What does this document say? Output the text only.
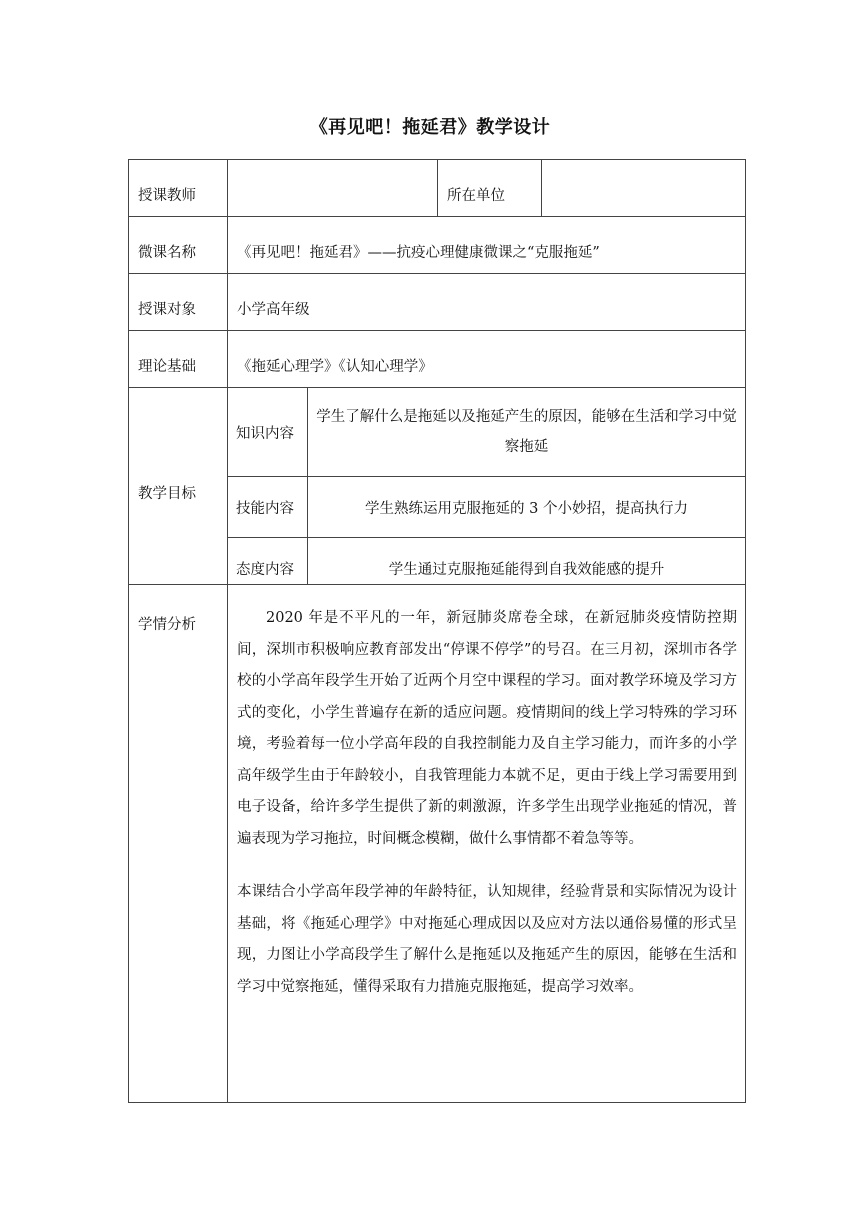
《再见吧！拖延君》教学设计
授课教师			所在单位	
微课名称	《再见吧！拖延君》——抗疫心理健康微课之“克服拖延”			
授课对象	小学高年级			
理论基础	《拖延心理学》《认知心理学》			
教学目标	知识内容	学生了解什么是拖延以及拖延产生的原因，能够在生活和学习中觉察拖延		
	技能内容	学生熟练运用克服拖延的 3 个小妙招，提高执行力		
	态度内容	学生通过克服拖延能得到自我效能感的提升		
学情分析	2020 年是不平凡的一年，新冠肺炎席卷全球，在新冠肺炎疫情防控期间，深圳市积极响应教育部发出“停课不停学”的号召。在三月初，深圳市各学校的小学高年段学生开始了近两个月空中课程的学习。面对教学环境及学习方式的变化，小学生普遍存在新的适应问题。疫情期间的线上学习特殊的学习环境，考验着每一位小学高年段的自我控制能力及自主学习能力，而许多的小学高年级学生由于年龄较小，自我管理能力本就不足，更由于线上学习需要用到电子设备，给许多学生提供了新的刺激源，许多学生出现学业拖延的情况，普遍表现为学习拖拉，时间概念模糊，做什么事情都不着急等等。

本课结合小学高年段学神的年龄特征，认知规律，经验背景和实际情况为设计基础，将《拖延心理学》中对拖延心理成因以及应对方法以通俗易懂的形式呈现，力图让小学高段学生了解什么是拖延以及拖延产生的原因，能够在生活和学习中觉察拖延，懂得采取有力措施克服拖延，提高学习效率。			
